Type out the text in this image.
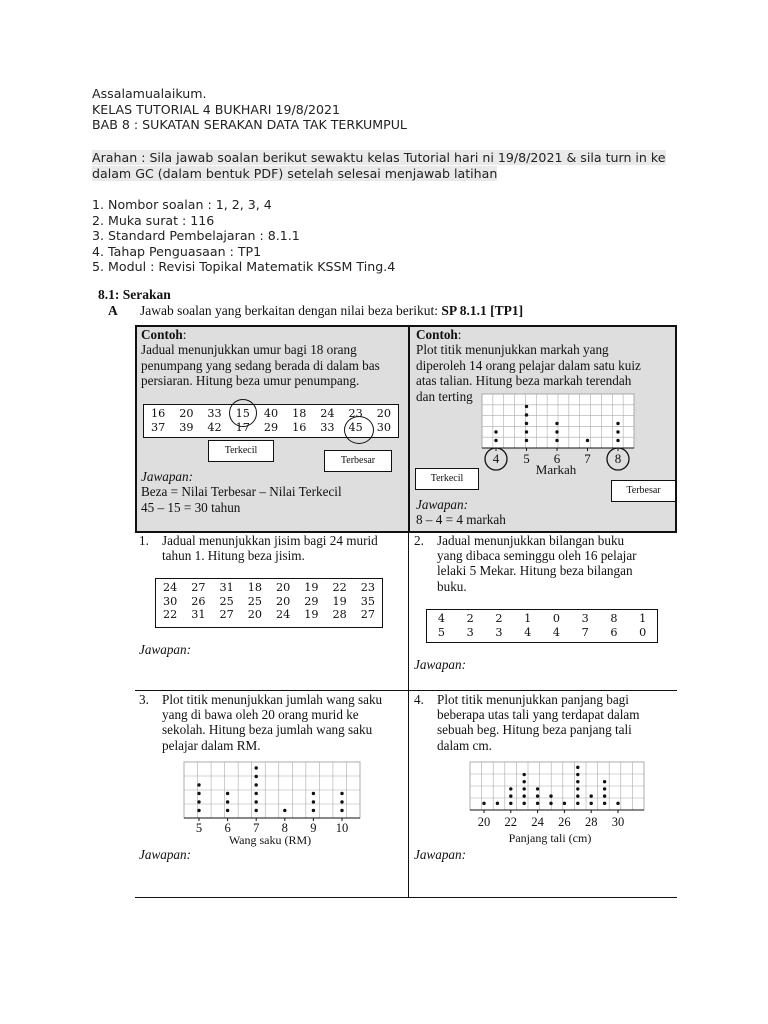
Assalamualaikum.
KELAS TUTORIAL 4 BUKHARI 19/8/2021
BAB 8 : SUKATAN SERAKAN DATA TAK TERKUMPUL
Arahan : Sila jawab soalan berikut sewaktu kelas Tutorial hari ni 19/8/2021 & sila turn in ke
dalam GC (dalam bentuk PDF) setelah selesai menjawab latihan
1. Nombor soalan : 1, 2, 3, 4
2. Muka surat : 116
3. Standard Pembelajaran : 8.1.1
4. Tahap Penguasaan : TP1
5. Modul : Revisi Topikal Matematik KSSM Ting.4
8.1: Serakan
A Jawab soalan yang berkaitan dengan nilai beza berikut: SP 8.1.1 [TP1]
Contoh:
Jadual menunjukkan umur bagi 18 orang
penumpang yang sedang berada di dalam bas
persiaran. Hitung beza umur penumpang.
16	20	33	15	40	18	24	23	20
37	39	42	17	29	16	33	45	30
Terkecil
Terbesar
Jawapan:
Beza = Nilai Terbesar – Nilai Terkecil
45 – 15 = 30 tahun
Contoh:
Plot titik menunjukkan markah yang
diperoleh 14 orang pelajar dalam satu kuiz
atas talian. Hitung beza markah terendah
dan terting
4 5 6 7 8
Markah
Terkecil
Terbesar
Jawapan:
8 – 4 = 4 markah
1. Jadual menunjukkan jisim bagi 24 murid
tahun 1. Hitung beza jisim.
24	27	31	18	20	19	22	23
30	26	25	25	20	29	19	35
22	31	27	20	24	19	28	27
Jawapan:
2. Jadual menunjukkan bilangan buku
yang dibaca seminggu oleh 16 pelajar
lelaki 5 Mekar. Hitung beza bilangan
buku.
4	2	2	1	0	3	8	1
5	3	3	4	4	7	6	0
Jawapan:
3. Plot titik menunjukkan jumlah wang saku
yang di bawa oleh 20 orang murid ke
sekolah. Hitung beza jumlah wang saku
pelajar dalam RM.
5 6 7 8 9 10
Wang saku (RM)
Jawapan:
4. Plot titik menunjukkan panjang bagi
beberapa utas tali yang terdapat dalam
sebuah beg. Hitung beza panjang tali
dalam cm.
20 22 24 26 28 30
Panjang tali (cm)
Jawapan:
